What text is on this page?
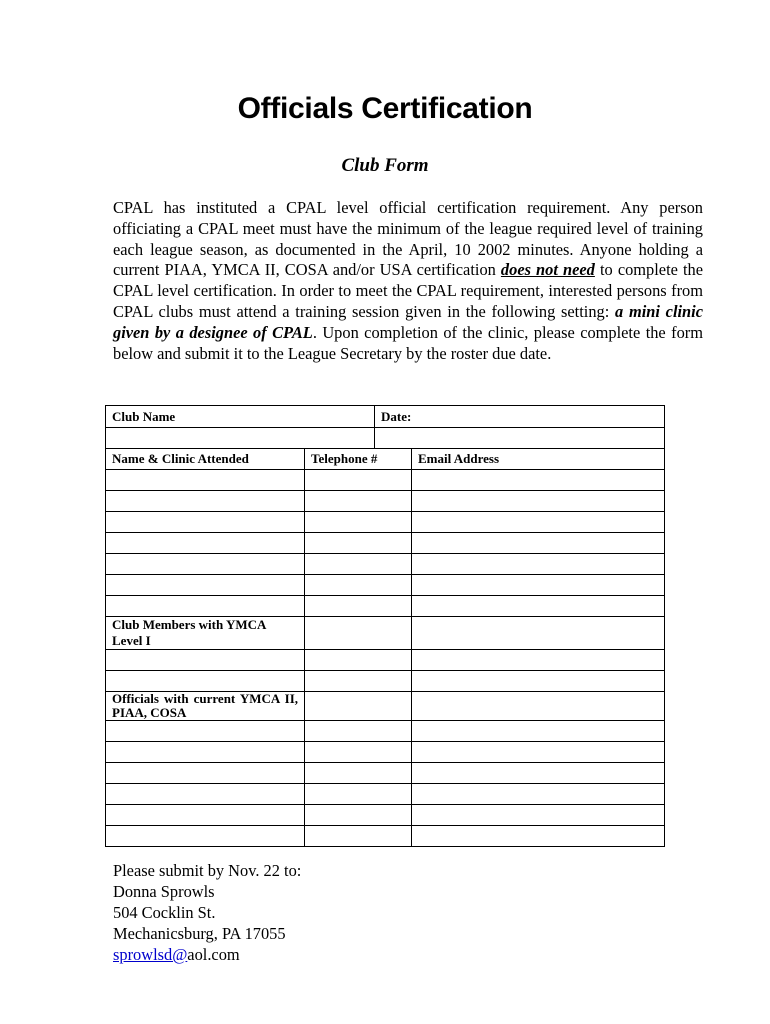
Officials Certification
Club Form
CPAL has instituted a CPAL level official certification requirement. Any person officiating a CPAL meet must have the minimum of the league required level of training each league season, as documented in the April, 10 2002 minutes. Anyone holding a current PIAA, YMCA II, COSA and/or USA certification does not need to complete the CPAL level certification. In order to meet the CPAL requirement, interested persons from CPAL clubs must attend a training session given in the following setting: a mini clinic given by a designee of CPAL. Upon completion of the clinic, please complete the form below and submit it to the League Secretary by the roster due date.
Club Name		Date:	

Name & Clinic Attended	Telephone #		Email Address

Club Members with YMCA Level I			

Officials with current YMCA II, PIAA, COSA			

Please submit by Nov. 22 to:
Donna Sprowls
504 Cocklin St.
Mechanicsburg, PA 17055
sprowlsd@aol.com
